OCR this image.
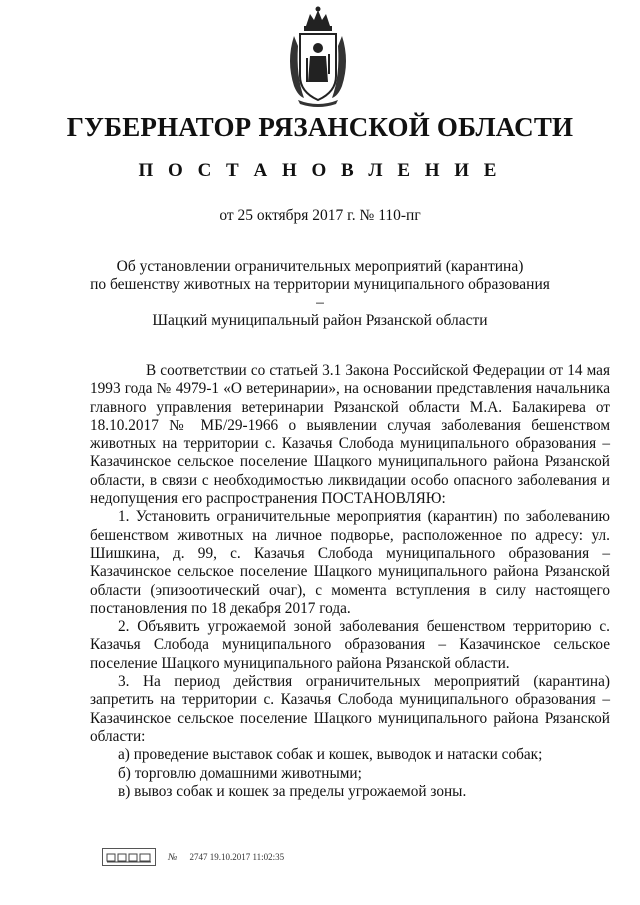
ГУБЕРНАТОР РЯЗАНСКОЙ ОБЛАСТИ
П О С Т А Н О В Л Е Н И Е
от 25 октября 2017 г. № 110-пг
Об установлении ограничительных мероприятий (карантина)
по бешенству животных на территории муниципального образования –
Шацкий муниципальный район Рязанской области

В соответствии со статьей 3.1 Закона Российской Федерации от 14 мая 1993 года № 4979-1 «О ветеринарии», на основании представления начальника главного управления ветеринарии Рязанской области М.А. Балакирева от 18.10.2017 № МБ/29-1966 о выявлении случая заболевания бешенством животных на территории с. Казачья Слобода муниципального образования – Казачинское сельское поселение Шацкого муниципального района Рязанской области, в связи с необходимостью ликвидации особо опасного заболевания и недопущения его распространения ПОСТАНОВЛЯЮ:

1. Установить ограничительные мероприятия (карантин) по заболеванию бешенством животных на личное подворье, расположенное по адресу: ул. Шишкина, д. 99, с. Казачья Слобода муниципального образования – Казачинское сельское поселение Шацкого муниципального района Рязанской области (эпизоотический очаг), с момента вступления в силу настоящего постановления по 18 декабря 2017 года.

2. Объявить угрожаемой зоной заболевания бешенством территорию с. Казачья Слобода муниципального образования – Казачинское сельское поселение Шацкого муниципального района Рязанской области.

3. На период действия ограничительных мероприятий (карантина) запретить на территории с. Казачья Слобода муниципального образования – Казачинское сельское поселение Шацкого муниципального района Рязанской области:

а) проведение выставок собак и кошек, выводок и натаски собак;

б) торговлю домашними животными;

в) вывоз собак и кошек за пределы угрожаемой зоны.

№ 2747 19.10.2017 11:02:35
